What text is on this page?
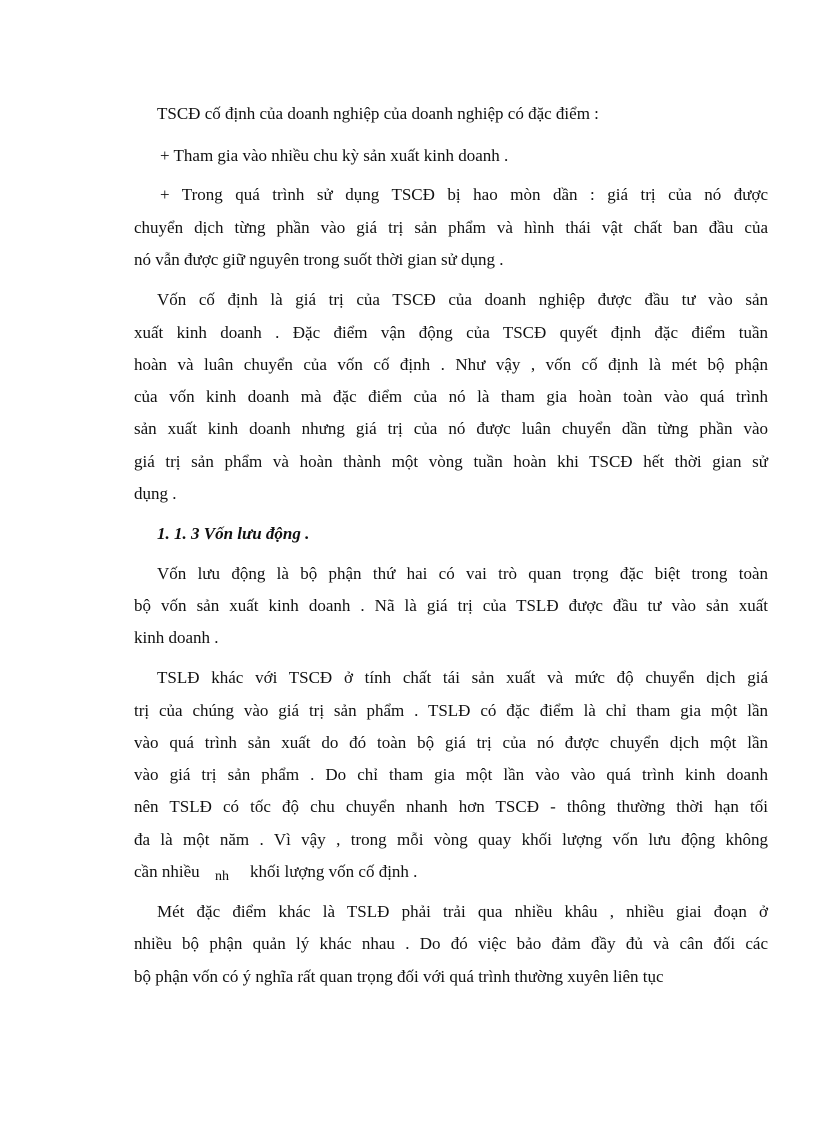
TSCĐ cố định của doanh nghiệp của doanh nghiệp có đặc điểm :
+ Tham gia vào nhiều chu kỳ sản xuất kinh doanh .
+ Trong quá trình sử dụng TSCĐ bị hao mòn dần : giá trị của nó được
chuyển dịch từng phần vào giá trị sản phẩm và hình thái vật chất ban đầu của
nó vẫn được giữ nguyên trong suốt thời gian sử dụng .
Vốn cố định là giá trị của TSCĐ của doanh nghiệp được đầu tư vào sản
xuất kinh doanh . Đặc điểm vận động của TSCĐ quyết định đặc điểm tuần
hoàn và luân chuyển của vốn cố định . Như vậy , vốn cố định là mét bộ phận
của vốn kinh doanh mà đặc điểm của nó là tham gia hoàn toàn vào quá trình
sản xuất kinh doanh nhưng giá trị của nó được luân chuyển dần từng phần vào
giá trị sản phẩm và hoàn thành một vòng tuần hoàn khi TSCĐ hết thời gian sử
dụng .
1. 1. 3 Vốn lưu động .
Vốn lưu động là bộ phận thứ hai có vai trò quan trọng đặc biệt trong toàn
bộ vốn sản xuất kinh doanh . Nã là giá trị của TSLĐ được đầu tư vào sản xuất
kinh doanh .
TSLĐ khác với TSCĐ ở tính chất tái sản xuất và mức độ chuyển dịch giá
trị của chúng vào giá trị sản phẩm . TSLĐ có đặc điểm là chỉ tham gia một lần
vào quá trình sản xuất do đó toàn bộ giá trị của nó được chuyển dịch một lần
vào giá trị sản phẩm . Do chỉ tham gia một lần vào vào quá trình kinh doanh
nên TSLĐ có tốc độ chu chuyển nhanh hơn TSCĐ - thông thường thời hạn tối
đa là một năm . Vì vậy , trong mỗi vòng quay khối lượng vốn lưu động không
cần nhiều nh khối lượng vốn cố định .
Mét đặc điểm khác là TSLĐ phải trải qua nhiều khâu , nhiều giai đoạn ở
nhiều bộ phận quản lý khác nhau . Do đó việc bảo đảm đầy đủ và cân đối các
bộ phận vốn có ý nghĩa rất quan trọng đối với quá trình thường xuyên liên tục
